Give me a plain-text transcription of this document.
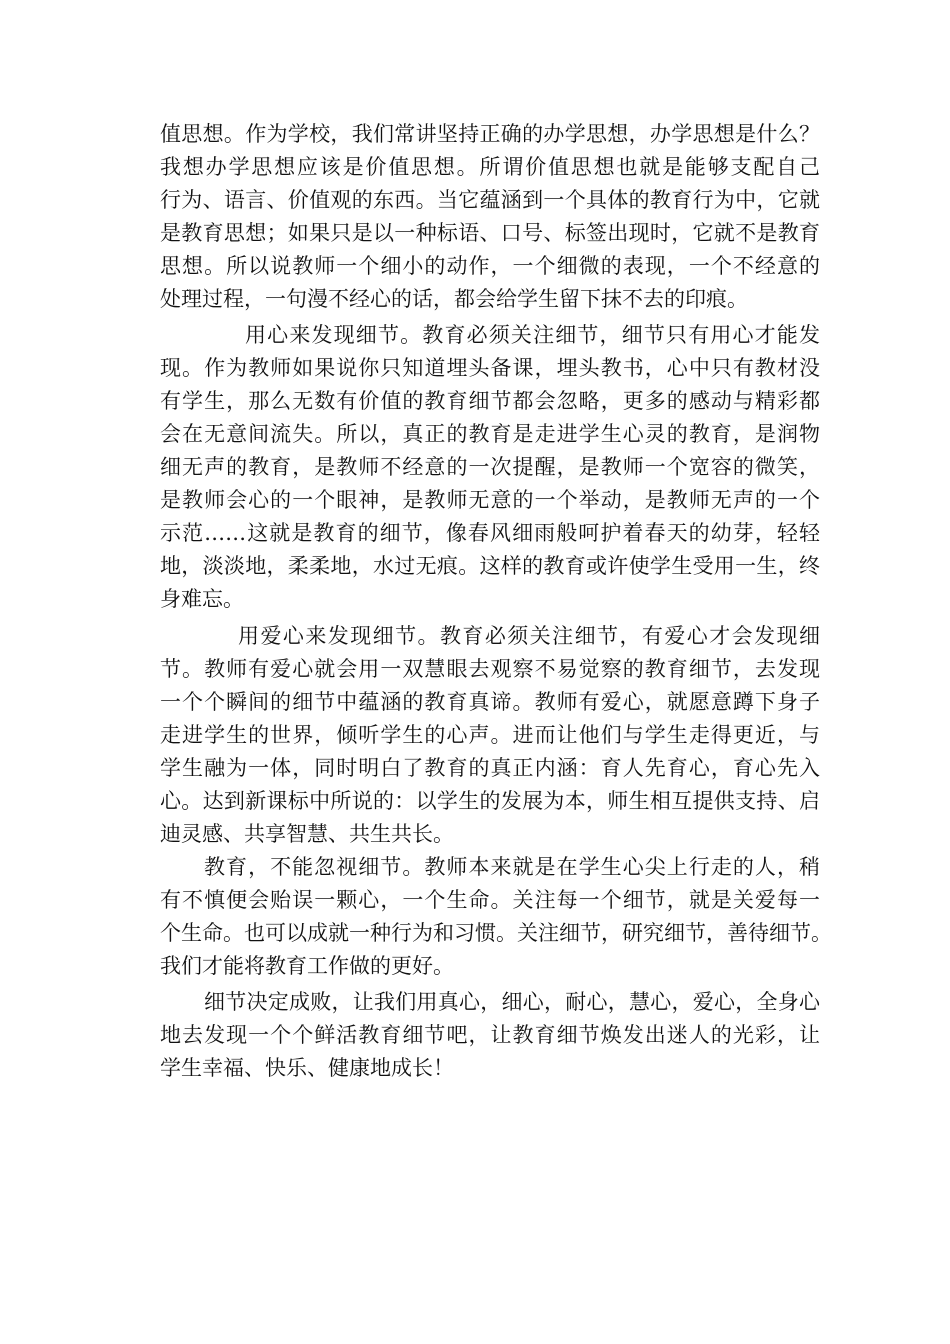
值思想。作为学校，我们常讲坚持正确的办学思想，办学思想是什么？
我想办学思想应该是价值思想。所谓价值思想也就是能够支配自己
行为、语言、价值观的东西。当它蕴涵到一个具体的教育行为中，它就
是教育思想；如果只是以一种标语、口号、标签出现时，它就不是教育
思想。所以说教师一个细小的动作，一个细微的表现，一个不经意的
处理过程，一句漫不经心的话，都会给学生留下抹不去的印痕。

用心来发现细节。教育必须关注细节，细节只有用心才能发
现。作为教师如果说你只知道埋头备课，埋头教书，心中只有教材没
有学生，那么无数有价值的教育细节都会忽略，更多的感动与精彩都
会在无意间流失。所以，真正的教育是走进学生心灵的教育，是润物
细无声的教育，是教师不经意的一次提醒，是教师一个宽容的微笑，
是教师会心的一个眼神，是教师无意的一个举动，是教师无声的一个
示范……这就是教育的细节，像春风细雨般呵护着春天的幼芽，轻轻
地，淡淡地，柔柔地，水过无痕。这样的教育或许使学生受用一生，终
身难忘。

用爱心来发现细节。教育必须关注细节，有爱心才会发现细
节。教师有爱心就会用一双慧眼去观察不易觉察的教育细节，去发现
一个个瞬间的细节中蕴涵的教育真谛。教师有爱心，就愿意蹲下身子
走进学生的世界，倾听学生的心声。进而让他们与学生走得更近，与
学生融为一体，同时明白了教育的真正内涵：育人先育心，育心先入
心。达到新课标中所说的：以学生的发展为本，师生相互提供支持、启
迪灵感、共享智慧、共生共长。

教育，不能忽视细节。教师本来就是在学生心尖上行走的人，稍
有不慎便会贻误一颗心，一个生命。关注每一个细节，就是关爱每一
个生命。也可以成就一种行为和习惯。关注细节，研究细节，善待细节。
我们才能将教育工作做的更好。

细节决定成败，让我们用真心，细心，耐心，慧心，爱心，全身心
地去发现一个个鲜活教育细节吧，让教育细节焕发出迷人的光彩，让
学生幸福、快乐、健康地成长！
